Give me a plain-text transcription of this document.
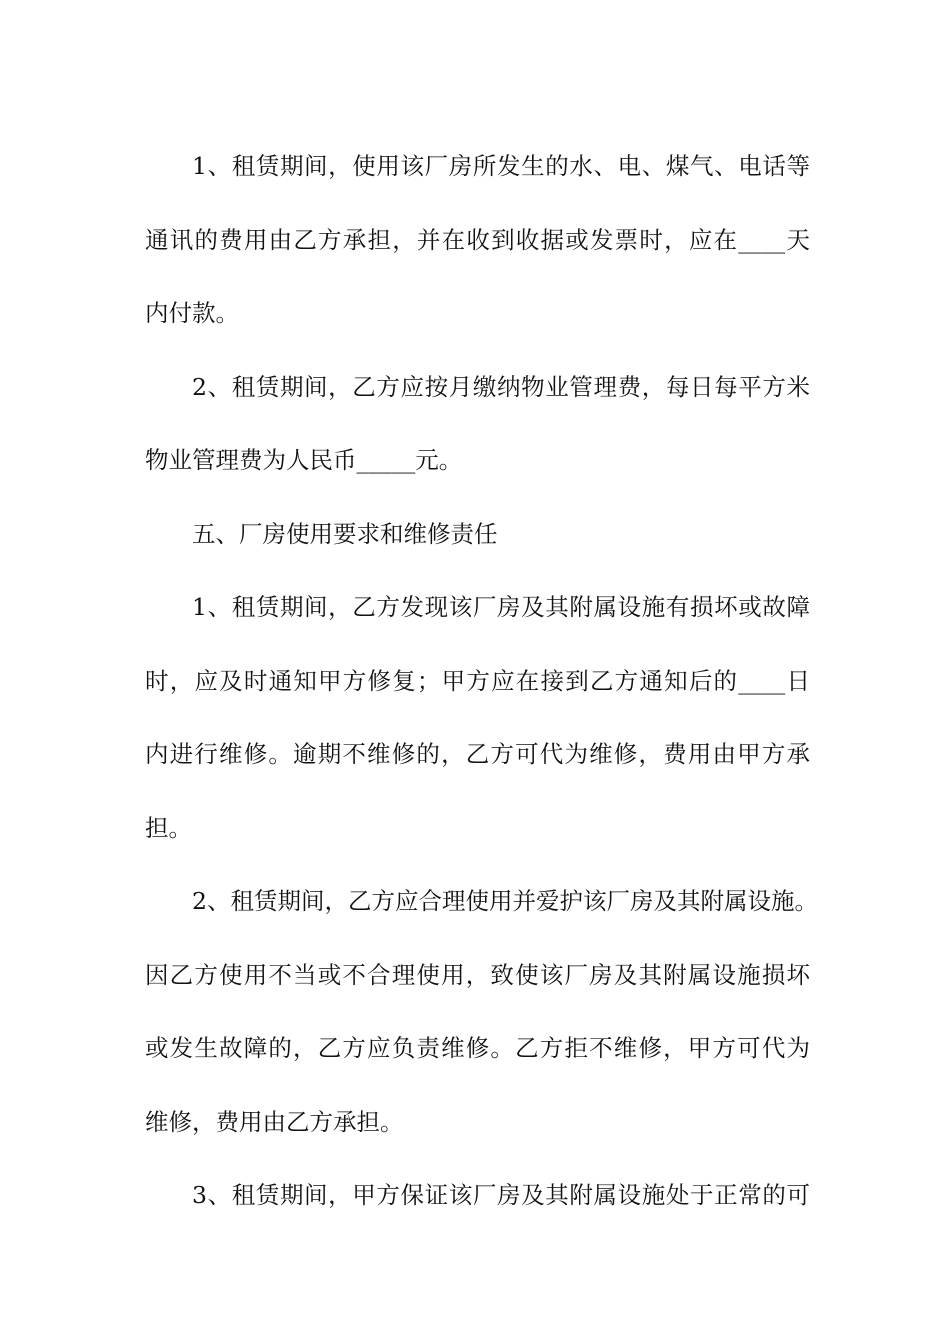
1、租赁期间，使用该厂房所发生的水、电、煤气、电话等
通讯的费用由乙方承担，并在收到收据或发票时，应在____天
内付款。
2、租赁期间，乙方应按月缴纳物业管理费，每日每平方米
物业管理费为人民币_____元。
五、厂房使用要求和维修责任
1、租赁期间，乙方发现该厂房及其附属设施有损坏或故障
时，应及时通知甲方修复；甲方应在接到乙方通知后的____日
内进行维修。逾期不维修的，乙方可代为维修，费用由甲方承
担。
2、租赁期间，乙方应合理使用并爱护该厂房及其附属设施。
因乙方使用不当或不合理使用，致使该厂房及其附属设施损坏
或发生故障的，乙方应负责维修。乙方拒不维修，甲方可代为
维修，费用由乙方承担。
3、租赁期间，甲方保证该厂房及其附属设施处于正常的可
